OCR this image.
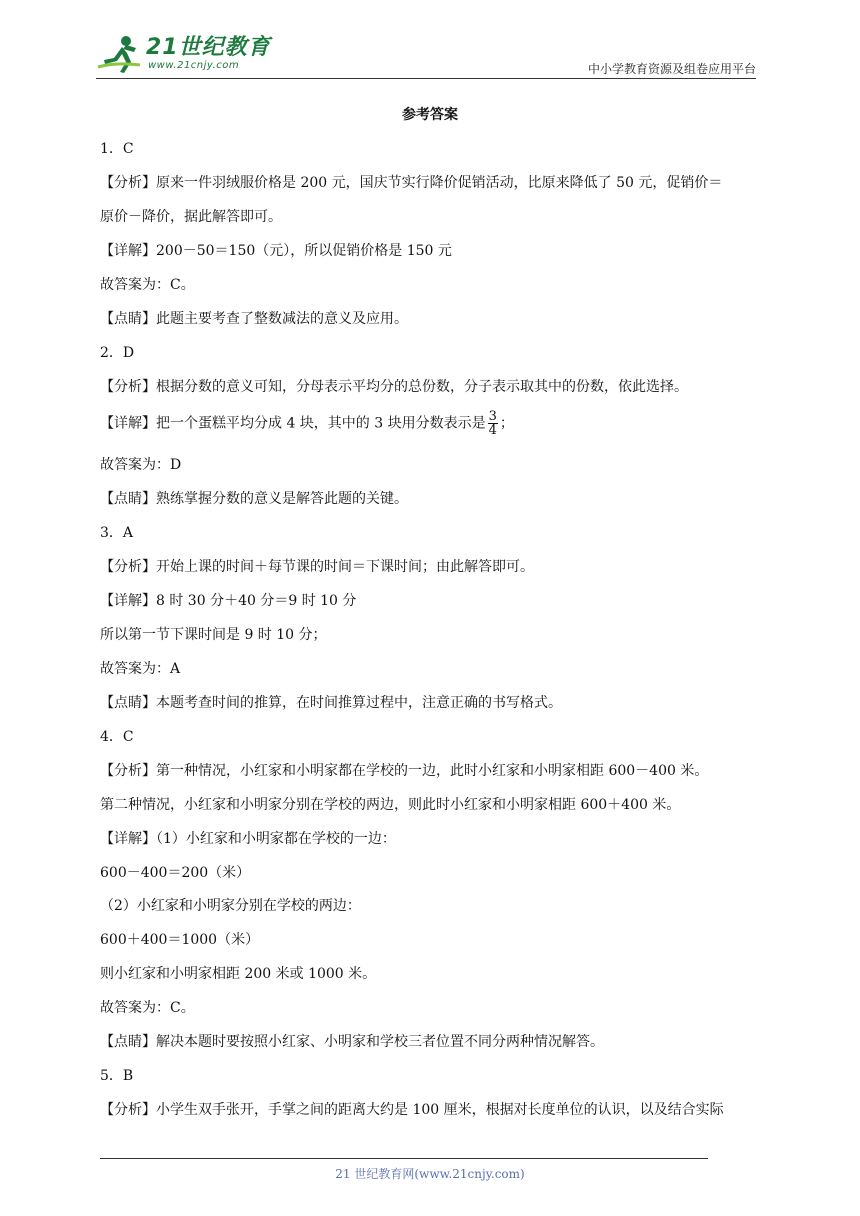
21世纪教育
www.21cnjy.com	中小学教育资源及组卷应用平台
参考答案
1．C
【分析】原来一件羽绒服价格是 200 元，国庆节实行降价促销活动，比原来降低了 50 元，促销价＝
原价－降价，据此解答即可。
【详解】200－50＝150（元），所以促销价格是 150 元
故答案为：C。
【点睛】此题主要考查了整数减法的意义及应用。
2．D
【分析】根据分数的意义可知，分母表示平均分的总份数，分子表示取其中的份数，依此选择。
【详解】把一个蛋糕平均分成 4 块，其中的 3 块用分数表示是 $\frac{3}{4}$ ；
故答案为：D
【点睛】熟练掌握分数的意义是解答此题的关键。
3．A
【分析】开始上课的时间＋每节课的时间＝下课时间；由此解答即可。
【详解】8 时 30 分＋40 分＝9 时 10 分
所以第一节下课时间是 9 时 10 分；
故答案为：A
【点睛】本题考查时间的推算，在时间推算过程中，注意正确的书写格式。
4．C
【分析】第一种情况，小红家和小明家都在学校的一边，此时小红家和小明家相距 600－400 米。
第二种情况，小红家和小明家分别在学校的两边，则此时小红家和小明家相距 600＋400 米。
【详解】（1）小红家和小明家都在学校的一边：
600－400＝200（米）
（2）小红家和小明家分别在学校的两边：
600＋400＝1000（米）
则小红家和小明家相距 200 米或 1000 米。
故答案为：C。
【点睛】解决本题时要按照小红家、小明家和学校三者位置不同分两种情况解答。
5．B
【分析】小学生双手张开，手掌之间的距离大约是 100 厘米，根据对长度单位的认识，以及结合实际
21 世纪教育网(www.21cnjy.com)
